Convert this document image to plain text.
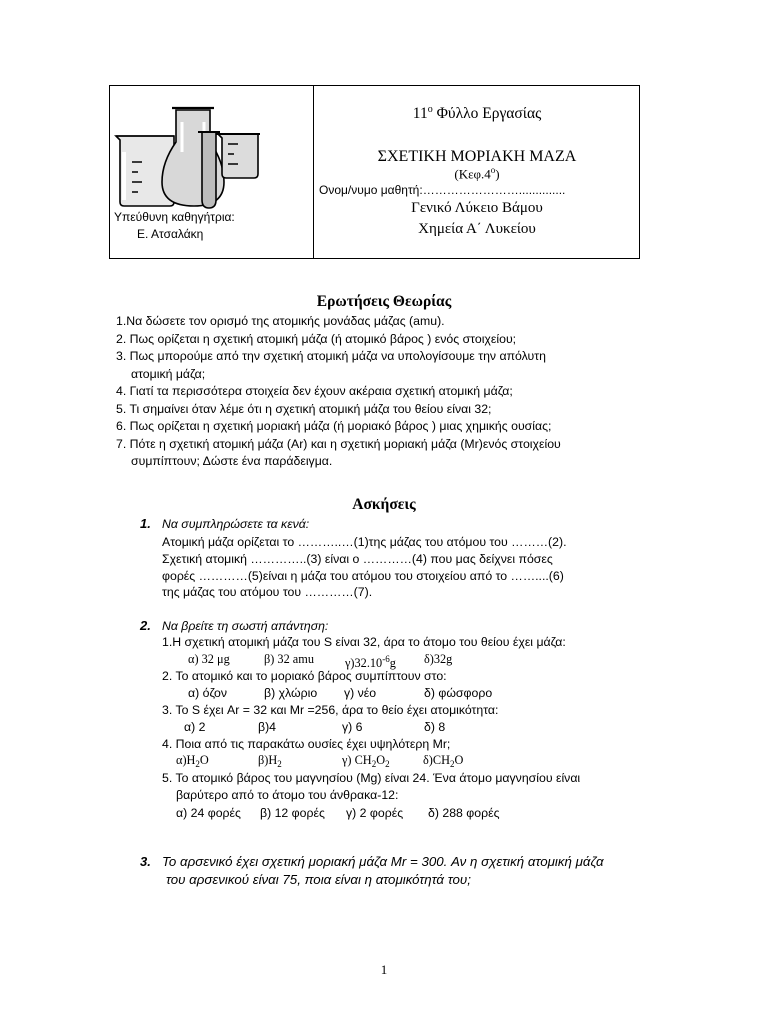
Υπεύθυνη καθηγήτρια:
Ε. Ατσαλάκη
$11^o$ Φύλλο Εργασίας
ΣΧΕΤΙΚΗ ΜΟΡΙΑΚΗ ΜΑΖΑ
$(K\varepsilon\varphi.4^o)$
Ονομ/νυμο μαθητή:……………………..............
Γενικό Λύκειο Βάμου
Χημεία Α΄ Λυκείου
Ερωτήσεις Θεωρίας
1.Να δώσετε τον ορισμό της ατομικής μονάδας μάζας (amu).
2. Πως ορίζεται η σχετική ατομική μάζα (ή ατομικό βάρος ) ενός στοιχείου;
3. Πως μπορούμε από την σχετική ατομική μάζα να υπολογίσουμε την απόλυτη
ατομική μάζα;
4. Γιατί τα περισσότερα στοιχεία δεν έχουν ακέραια σχετική ατομική μάζα;
5. Τι σημαίνει όταν λέμε ότι η σχετική ατομική μάζα του θείου είναι 32;
6. Πως ορίζεται η σχετική μοριακή μάζα (ή μοριακό βάρος ) μιας χημικής ουσίας;
7. Πότε η σχετική ατομική μάζα (Ar) και η σχετική μοριακή μάζα (Mr)ενός στοιχείου
συμπίπτουν; Δώστε ένα παράδειγμα.
Ασκήσεις
1. Να συμπληρώσετε τα κενά:
Ατομική μάζα ορίζεται το ………..…(1)της μάζας του ατόμου του ………(2).
Σχετική ατομική …………..(3) είναι ο …………(4) που μας δείχνει πόσες
φορές …………(5)είναι η μάζα του ατόμου του στοιχείου από το ……....(6)
της μάζας του ατόμου του …………(7).
2. Να βρείτε τη σωστή απάντηση:
1.Η σχετική ατομική μάζα του S είναι 32, άρα το άτομο του θείου έχει μάζα:
α) 32 μg	β) 32 amu	$\gamma)32.10^{-6}g$ δ)32g
2. Το ατομικό και το μοριακό βάρος συμπίπτουν στο:
α) όζον	β) χλώριο γ) νέο	δ) φώσφορο
3. Το S έχει Ar = 32 και Mr =256, άρα το θείο έχει ατομικότητα:
α) 2	β)4	γ) 6	δ) 8
4. Ποια από τις παρακάτω ουσίες έχει υψηλότερη Mr;
$\alpha)H_2O$	$\beta)H_2$	γ) $CH_2O_2$	$\delta)CH_2O$
5. Το ατομικό βάρος του μαγνησίου (Mg) είναι 24. Ένα άτομο μαγνησίου είναι
βαρύτερο από το άτομο του άνθρακα-12:
α) 24 φορές β) 12 φορές γ) 2 φορές δ) 288 φορές
3. Το αρσενικό έχει σχετική μοριακή μάζα Mr = 300. Αν η σχετική ατομική μάζα
του αρσενικού είναι 75, ποια είναι η ατομικότητά του;
1
